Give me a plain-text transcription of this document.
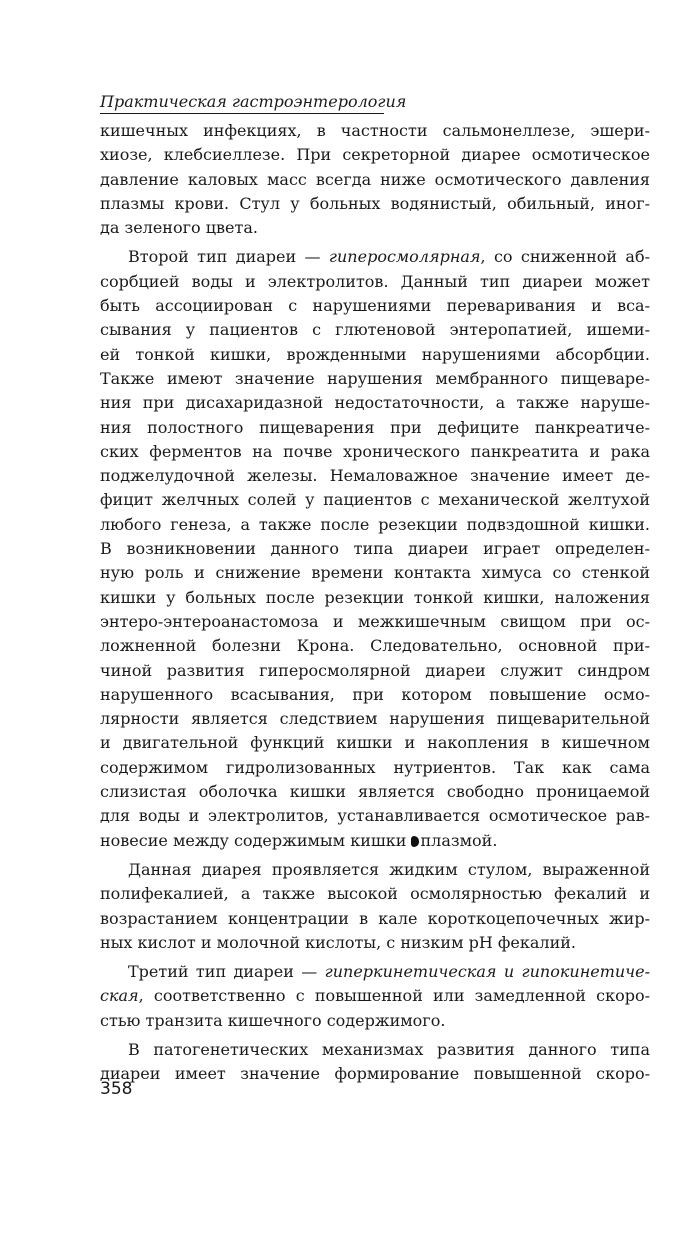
Практическая гастроэнтерология
кишечных инфекциях, в частности сальмонеллезе, эшери-
хиозе, клебсиеллезе. При секреторной диарее осмотическое
давление каловых масс всегда ниже осмотического давления
плазмы крови. Стул у больных водянистый, обильный, иног-
да зеленого цвета.
Второй тип диареи — гиперосмолярная, со сниженной аб-
сорбцией воды и электролитов. Данный тип диареи может
быть ассоциирован с нарушениями переваривания и вса-
сывания у пациентов с глютеновой энтеропатией, ишеми-
ей тонкой кишки, врожденными нарушениями абсорбции.
Также имеют значение нарушения мембранного пищеваре-
ния при дисахаридазной недостаточности, а также наруше-
ния полостного пищеварения при дефиците панкреатиче-
ских ферментов на почве хронического панкреатита и рака
поджелудочной железы. Немаловажное значение имеет де-
фицит желчных солей у пациентов с механической желтухой
любого генеза, а также после резекции подвздошной кишки.
В возникновении данного типа диареи играет определен-
ную роль и снижение времени контакта химуса со стенкой
кишки у больных после резекции тонкой кишки, наложения
энтеро-энтероанастомоза и межкишечным свищом при ос-
ложненной болезни Крона. Следовательно, основной при-
чиной развития гиперосмолярной диареи служит синдром
нарушенного всасывания, при котором повышение осмо-
лярности является следствием нарушения пищеварительной
и двигательной функций кишки и накопления в кишечном
содержимом гидролизованных нутриентов. Так как сама
слизистая оболочка кишки является свободно проницаемой
для воды и электролитов, устанавливается осмотическое рав-
новесие между содержимым кишки плазмой.
Данная диарея проявляется жидким стулом, выраженной
полифекалией, а также высокой осмолярностью фекалий и
возрастанием концентрации в кале короткоцепочечных жир-
ных кислот и молочной кислоты, с низким pH фекалий.
Третий тип диареи — гиперкинетическая и гипокинетиче-
ская, соответственно с повышенной или замедленной скоро-
стью транзита кишечного содержимого.
В патогенетических механизмах развития данного типа
диареи имеет значение формирование повышенной скоро-
358
